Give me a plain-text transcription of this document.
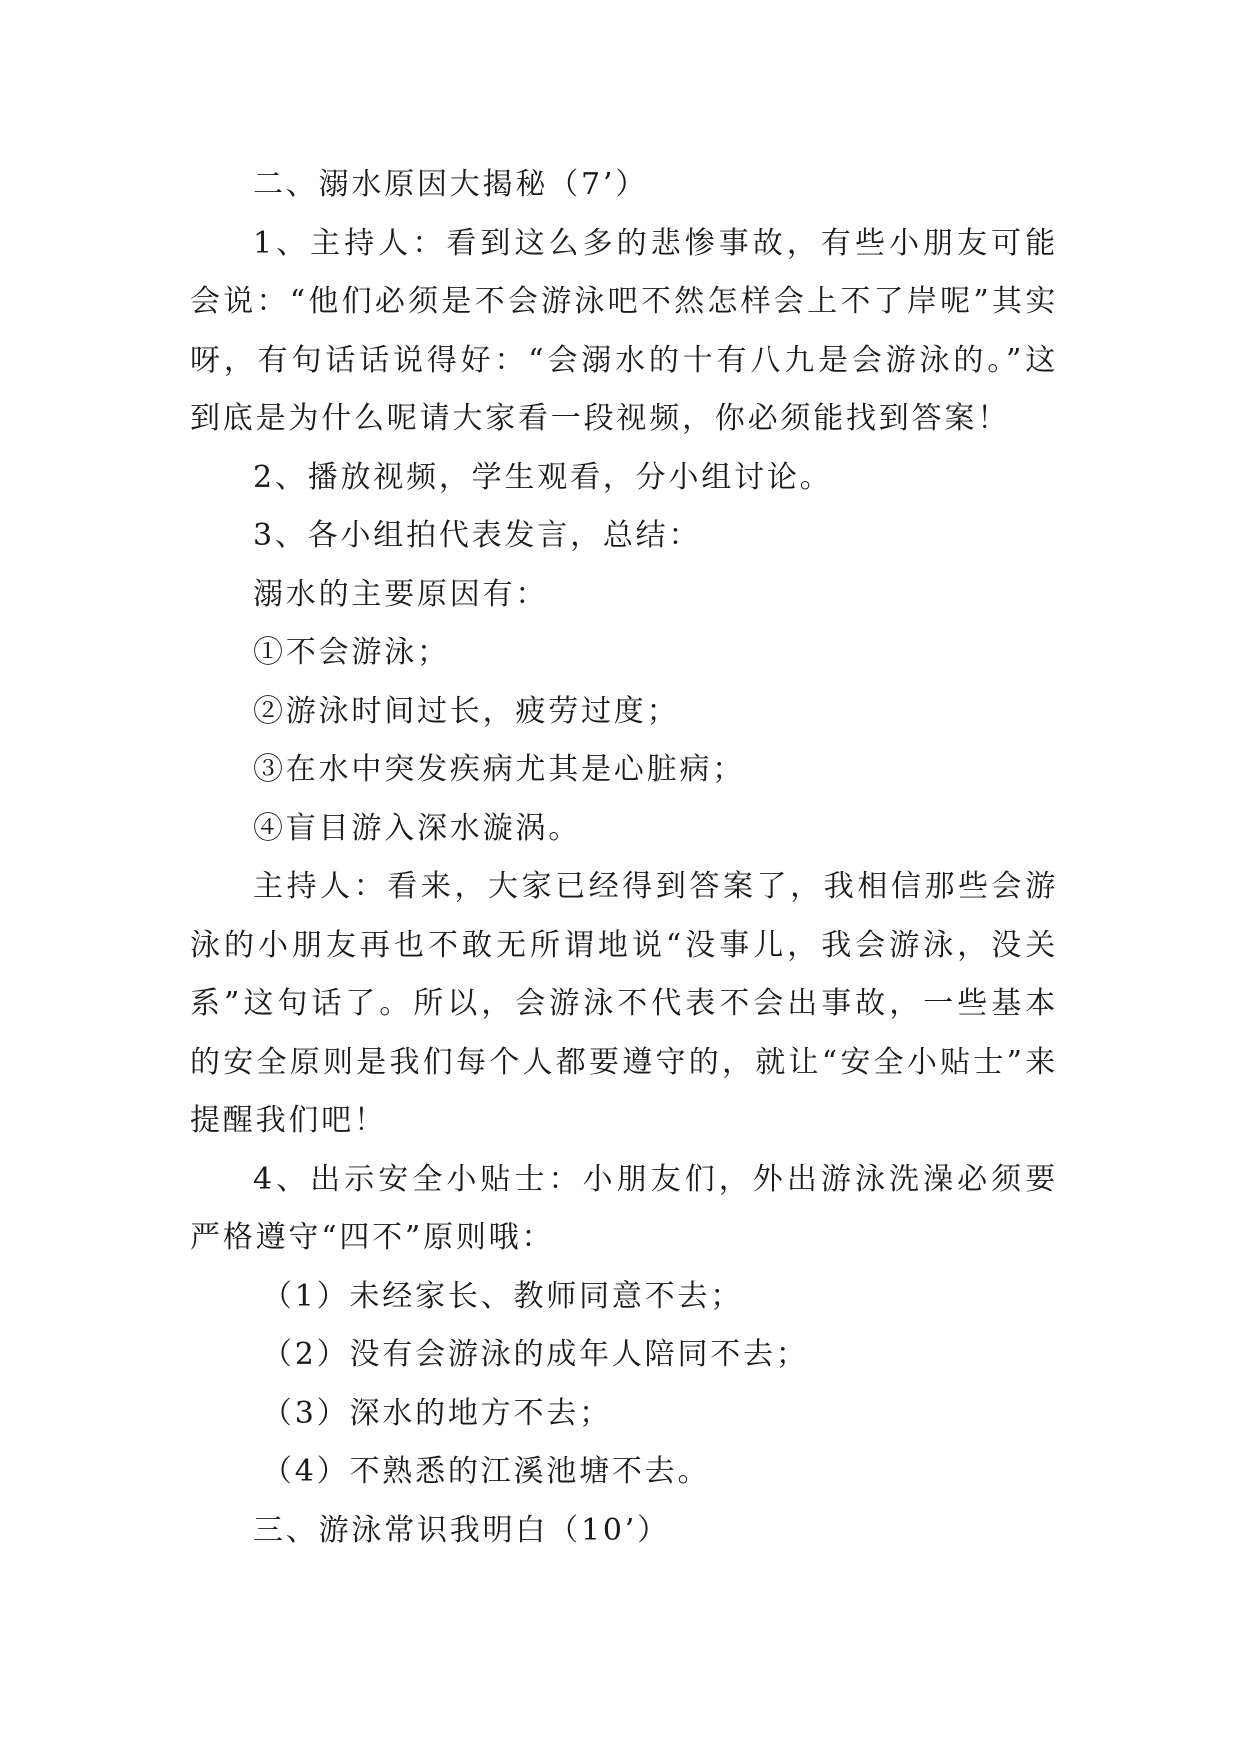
二、溺水原因大揭秘（7’）

1、主持人：看到这么多的悲惨事故，有些小朋友可能会说：“他们必须是不会游泳吧不然怎样会上不了岸呢”其实呀，有句话话说得好：“会溺水的十有八九是会游泳的。”这到底是为什么呢请大家看一段视频，你必须能找到答案！

2、播放视频，学生观看，分小组讨论。

3、各小组拍代表发言，总结：

溺水的主要原因有：

①不会游泳；

②游泳时间过长，疲劳过度；

③在水中突发疾病尤其是心脏病；

④盲目游入深水漩涡。

主持人：看来，大家已经得到答案了，我相信那些会游泳的小朋友再也不敢无所谓地说“没事儿，我会游泳，没关系”这句话了。所以，会游泳不代表不会出事故，一些基本的安全原则是我们每个人都要遵守的，就让“安全小贴士”来提醒我们吧！

4、出示安全小贴士：小朋友们，外出游泳洗澡必须要严格遵守“四不”原则哦：

（1）未经家长、教师同意不去；

（2）没有会游泳的成年人陪同不去；

（3）深水的地方不去；

（4）不熟悉的江溪池塘不去。

三、游泳常识我明白（10’）
